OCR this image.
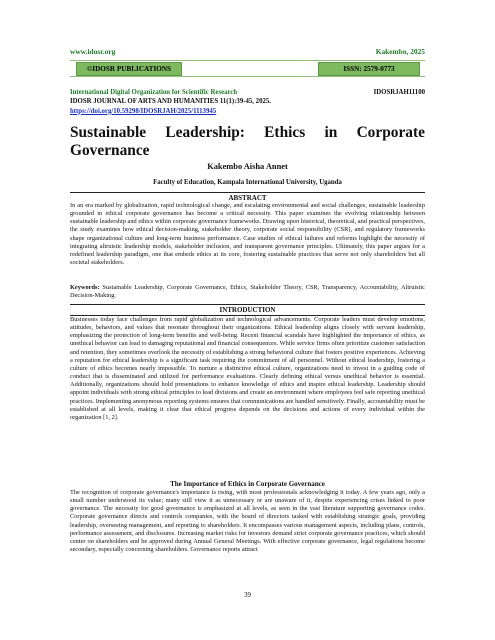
www.idosr.org	Kakembo, 2025
©IDOSR PUBLICATIONS	ISSN: 2579-0773
International Digital Organization for Scientific Research	IDOSRJAH11100
IDOSR JOURNAL OF ARTS AND HUMANITIES 11(1):39-45, 2025.
https://doi.org/10.59298/IDOSRJAH/2025/1113945
Sustainable Leadership: Ethics in Corporate
Governance
Kakembo Aisha Annet
Faculty of Education, Kampala International University, Uganda
ABSTRACT

In an era marked by globalization, rapid technological change, and escalating environmental and social challenges, sustainable leadership grounded in ethical corporate governance has become a critical necessity. This paper examines the evolving relationship between sustainable leadership and ethics within corporate governance frameworks. Drawing upon historical, theoretical, and practical perspectives, the study examines how ethical decision-making, stakeholder theory, corporate social responsibility (CSR), and regulatory frameworks shape organizational culture and long-term business performance. Case studies of ethical failures and reforms highlight the necessity of integrating altruistic leadership models, stakeholder inclusion, and transparent governance principles. Ultimately, this paper argues for a redefined leadership paradigm, one that embeds ethics at its core, fostering sustainable practices that serve not only shareholders but all societal stakeholders.

Keywords: Sustainable Leadership, Corporate Governance, Ethics, Stakeholder Theory, CSR, Transparency, Accountability, Altruistic Decision-Making.

INTRODUCTION

Businesses today face challenges from rapid globalization and technological advancements. Corporate leaders must develop emotions, attitudes, behaviors, and values that resonate throughout their organizations. Ethical leadership aligns closely with servant leadership, emphasizing the protection of long-term benefits and well-being. Recent financial scandals have highlighted the importance of ethics, as unethical behavior can lead to damaging reputational and financial consequences. While service firms often prioritize customer satisfaction and retention, they sometimes overlook the necessity of establishing a strong behavioral culture that fosters positive experiences. Achieving a reputation for ethical leadership is a significant task requiring the commitment of all personnel. Without ethical leadership, fostering a culture of ethics becomes nearly impossible. To nurture a distinctive ethical culture, organizations need to invest in a guiding code of conduct that is disseminated and utilized for performance evaluations. Clearly defining ethical versus unethical behavior is essential. Additionally, organizations should hold presentations to enhance knowledge of ethics and inspire ethical leadership. Leadership should appoint individuals with strong ethical principles to lead divisions and create an environment where employees feel safe reporting unethical practices. Implementing anonymous reporting systems ensures that communications are handled sensitively. Finally, accountability must be established at all levels, making it clear that ethical progress depends on the decisions and actions of every individual within the organization [1, 2].

The Importance of Ethics in Corporate Governance

The recognition of corporate governance's importance is rising, with most professionals acknowledging it today. A few years ago, only a small number understood its value; many still view it as unnecessary or are unaware of it, despite experiencing crises linked to poor governance. The necessity for good governance is emphasized at all levels, as seen in the vast literature supporting governance codes. Corporate governance directs and controls companies, with the board of directors tasked with establishing strategic goals, providing leadership, overseeing management, and reporting to shareholders. It encompasses various management aspects, including plans, controls, performance assessment, and disclosures. Increasing market risks for investors demand strict corporate governance practices, which should center on shareholders and be approved during Annual General Meetings. With effective corporate governance, legal regulations become secondary, especially concerning shareholders. Governance reports attract

39
